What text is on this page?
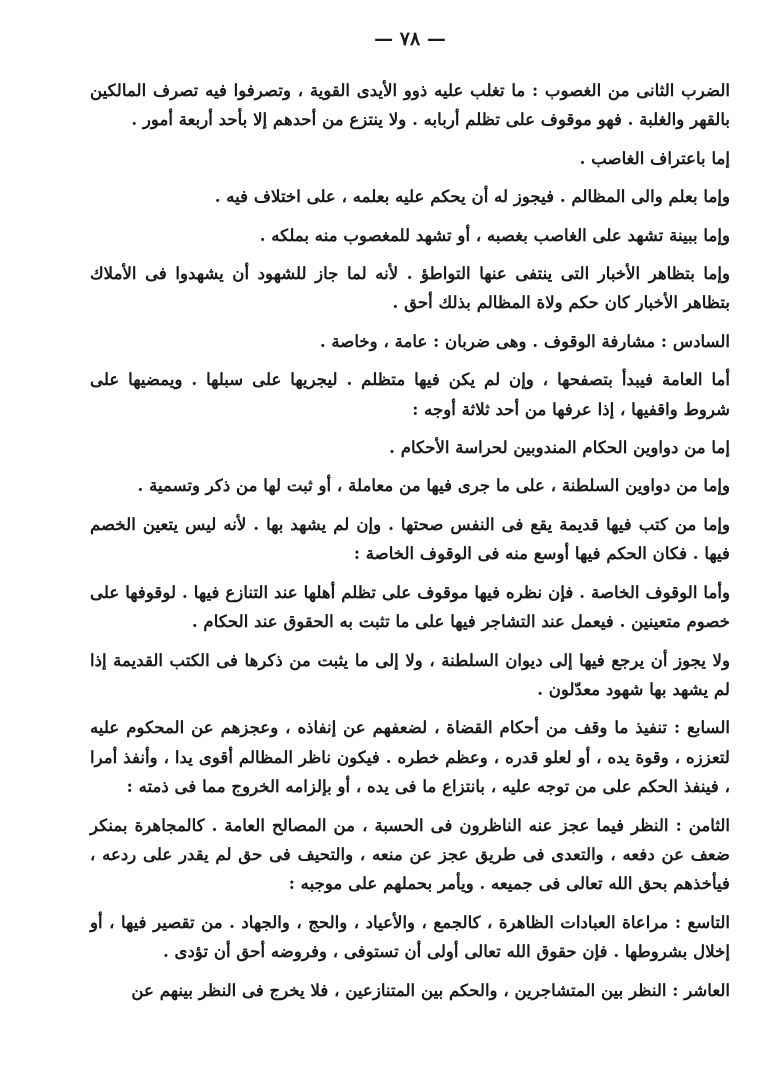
— ٧٨ —

الضرب الثانى من الغصوب : ما تغلب عليه ذوو الأيدى القوية ، وتصرفوا فيه تصرف المالكين بالقهر والغلبة . فهو موقوف على تظلم أربابه . ولا ينتزع من أحدهم إلا بأحد أربعة أمور .

إما باعتراف الغاصب .

وإما بعلم والى المظالم . فيجوز له أن يحكم عليه بعلمه ، على اختلاف فيه .

وإما ببينة تشهد على الغاصب بغصبه ، أو تشهد للمغصوب منه بملكه .

وإما بتظاهر الأخبار التى ينتفى عنها التواطؤ . لأنه لما جاز للشهود أن يشهدوا فى الأملاك بتظاهر الأخبار كان حكم ولاة المظالم بذلك أحق .

السادس : مشارفة الوقوف . وهى ضربان : عامة ، وخاصة .

أما العامة فيبدأ بتصفحها ، وإن لم يكن فيها متظلم . ليجريها على سبلها . ويمضيها على شروط واقفيها ، إذا عرفها من أحد ثلاثة أوجه :

إما من دواوين الحكام المندوبين لحراسة الأحكام .

وإما من دواوين السلطنة ، على ما جرى فيها من معاملة ، أو ثبت لها من ذكر وتسمية .

وإما من كتب فيها قديمة يقع فى النفس صحتها . وإن لم يشهد بها . لأنه ليس يتعين الخصم فيها . فكان الحكم فيها أوسع منه فى الوقوف الخاصة :

وأما الوقوف الخاصة . فإن نظره فيها موقوف على تظلم أهلها عند التنازع فيها . لوقوفها على خصوم متعينين . فيعمل عند التشاجر فيها على ما تثبت به الحقوق عند الحكام .

ولا يجوز أن يرجع فيها إلى ديوان السلطنة ، ولا إلى ما يثبت من ذكرها فى الكتب القديمة إذا لم يشهد بها شهود معدّلون .

السابع : تنفيذ ما وقف من أحكام القضاة ، لضعفهم عن إنفاذه ، وعجزهم عن المحكوم عليه لتعززه ، وقوة يده ، أو لعلو قدره ، وعظم خطره . فيكون ناظر المظالم أقوى يدا ، وأنفذ أمرا ، فينفذ الحكم على من توجه عليه ، بانتزاع ما فى يده ، أو بإلزامه الخروج مما فى ذمته :

الثامن : النظر فيما عجز عنه الناظرون فى الحسبة ، من المصالح العامة . كالمجاهرة بمنكر ضعف عن دفعه ، والتعدى فى طريق عجز عن منعه ، والتحيف فى حق لم يقدر على ردعه ، فيأخذهم بحق الله تعالى فى جميعه . ويأمر بحملهم على موجبه :

التاسع : مراعاة العبادات الظاهرة ، كالجمع ، والأعياد ، والحج ، والجهاد . من تقصير فيها ، أو إخلال بشروطها . فإن حقوق الله تعالى أولى أن تستوفى ، وفروضه أحق أن تؤدى .

العاشر : النظر بين المتشاجرين ، والحكم بين المتنازعين ، فلا يخرج فى النظر بينهم عن
